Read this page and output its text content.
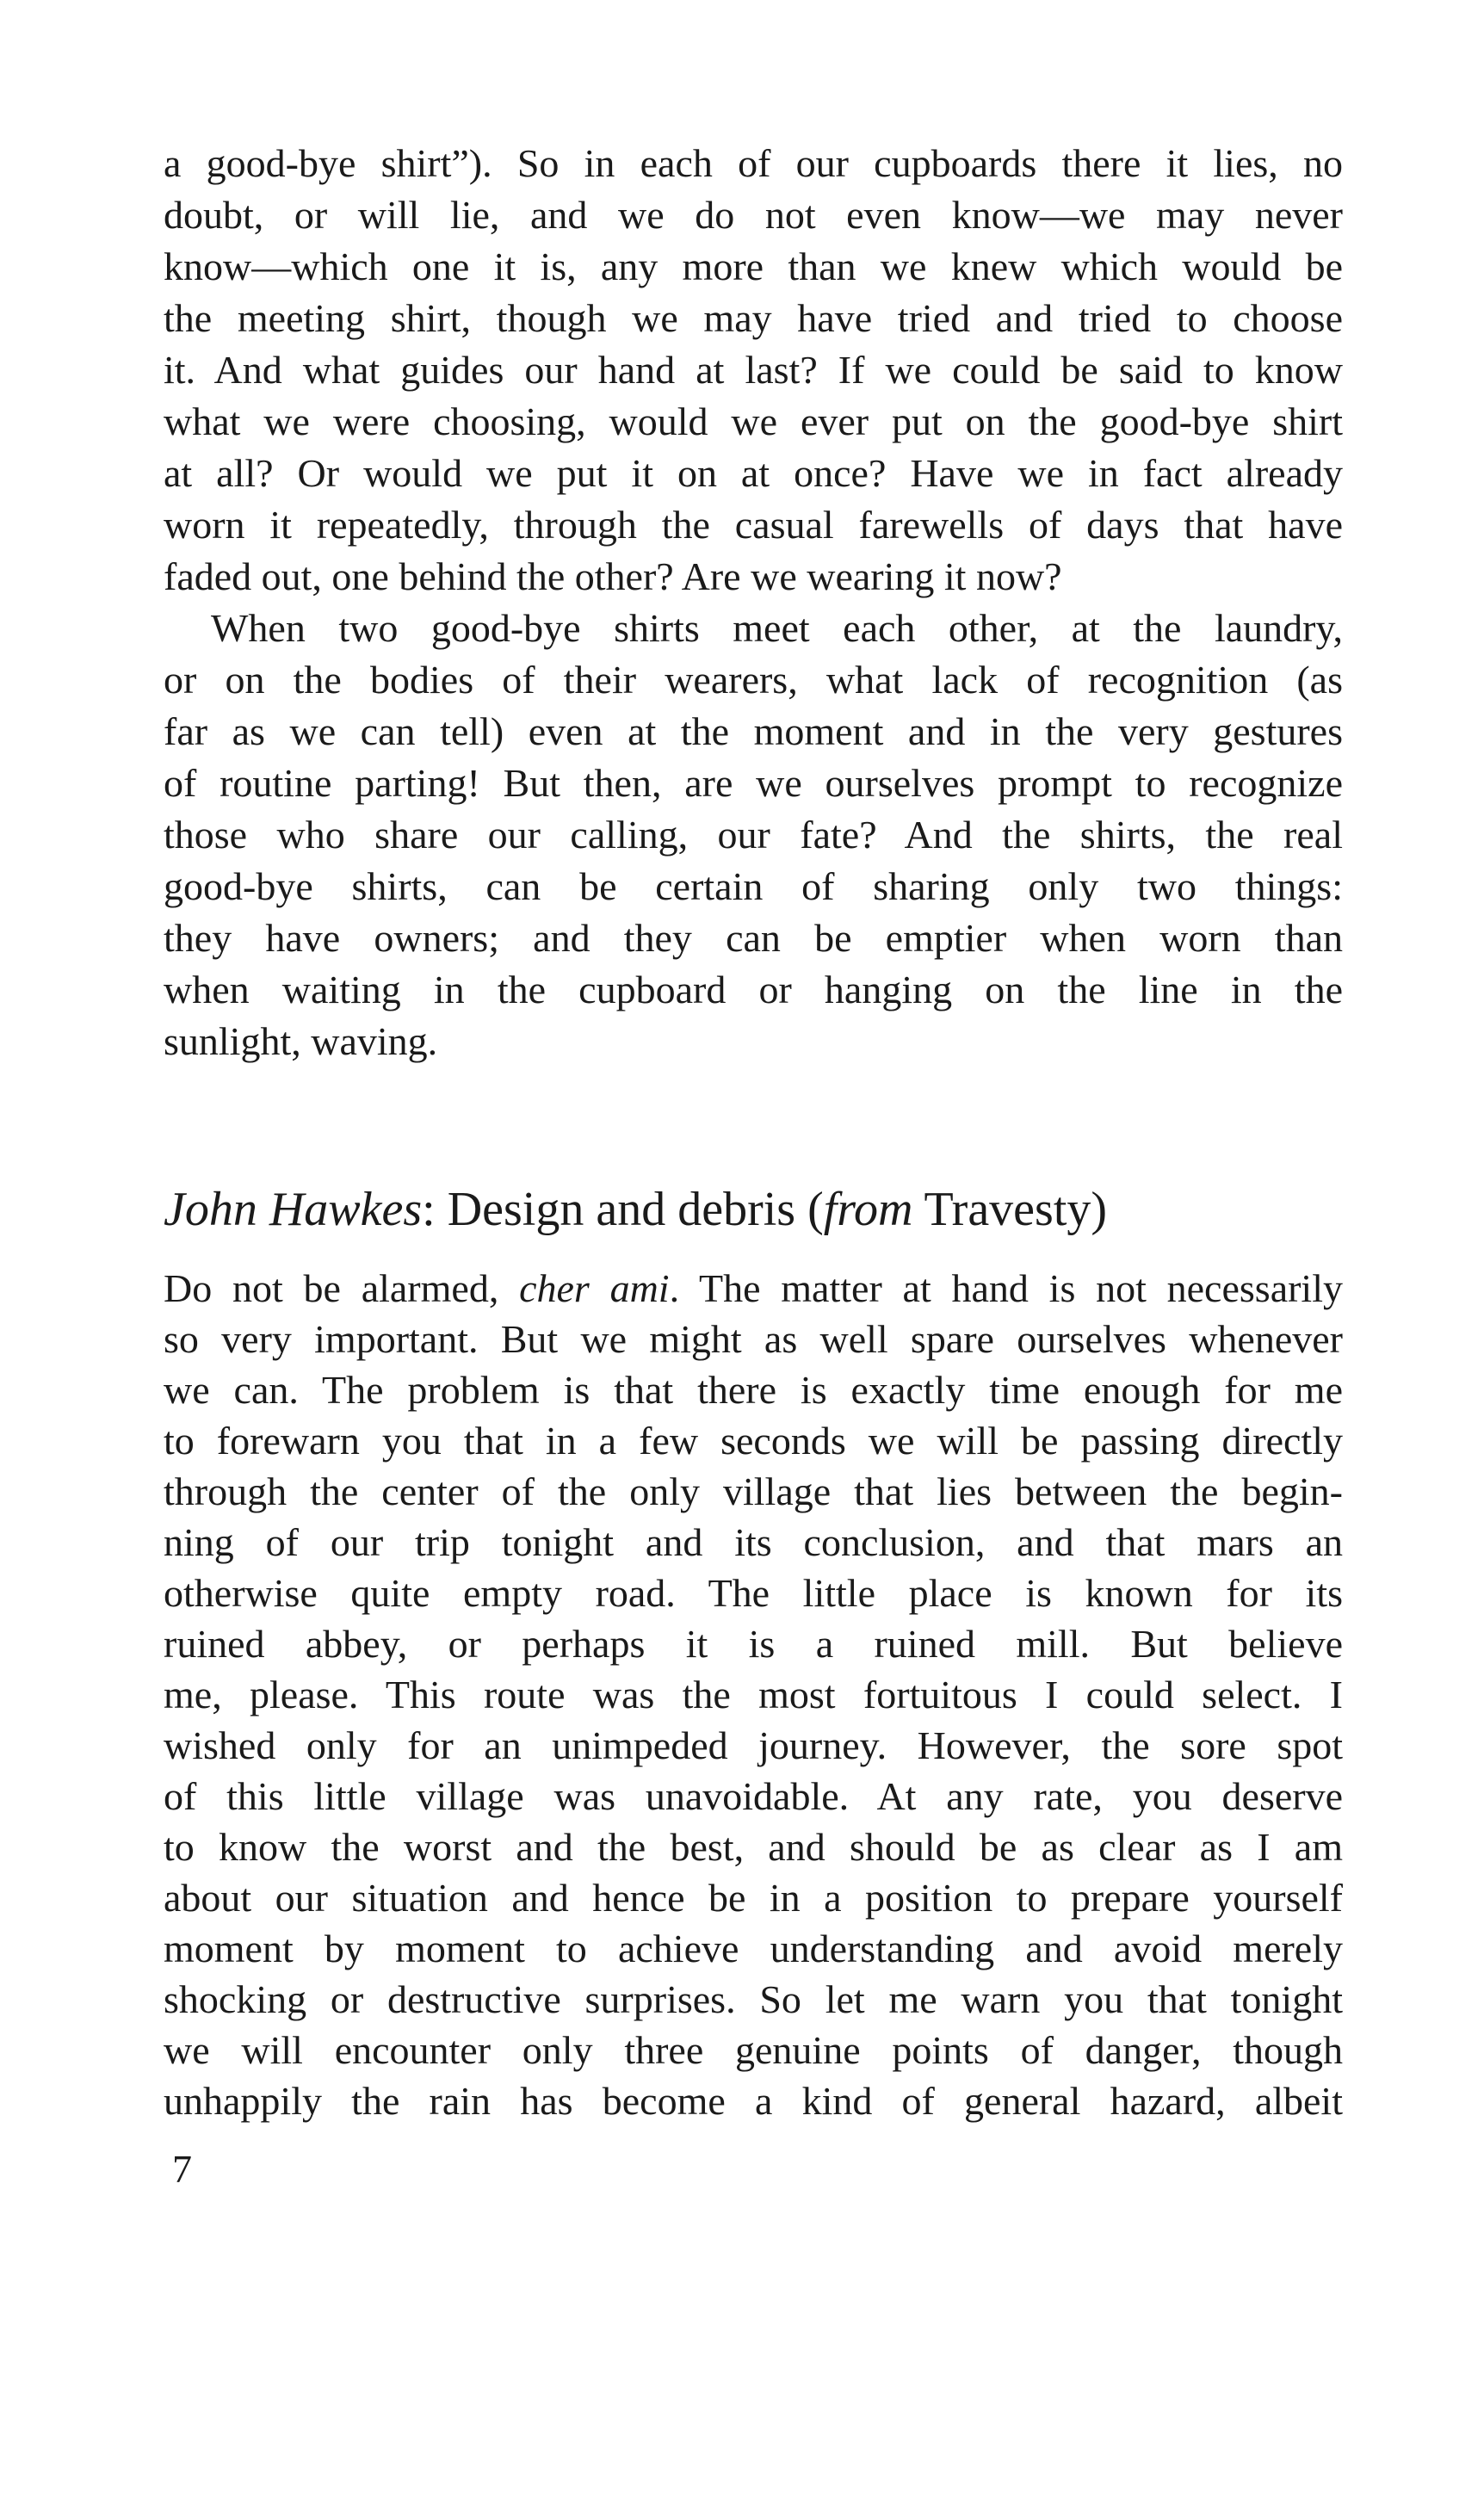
a good-bye shirt”). So in each of our cupboards there it lies, no
doubt, or will lie, and we do not even know—we may never
know—which one it is, any more than we knew which would be
the meeting shirt, though we may have tried and tried to choose
it. And what guides our hand at last? If we could be said to know
what we were choosing, would we ever put on the good-bye shirt
at all? Or would we put it on at once? Have we in fact already
worn it repeatedly, through the casual farewells of days that have
faded out, one behind the other? Are we wearing it now?
When two good-bye shirts meet each other, at the laundry,
or on the bodies of their wearers, what lack of recognition (as
far as we can tell) even at the moment and in the very gestures
of routine parting! But then, are we ourselves prompt to recognize
those who share our calling, our fate? And the shirts, the real
good-bye shirts, can be certain of sharing only two things:
they have owners; and they can be emptier when worn than
when waiting in the cupboard or hanging on the line in the
sunlight, waving.
John Hawkes: Design and debris (from Travesty)
Do not be alarmed, cher ami. The matter at hand is not necessarily
so very important. But we might as well spare ourselves whenever
we can. The problem is that there is exactly time enough for me
to forewarn you that in a few seconds we will be passing directly
through the center of the only village that lies between the begin-
ning of our trip tonight and its conclusion, and that mars an
otherwise quite empty road. The little place is known for its
ruined abbey, or perhaps it is a ruined mill. But believe
me, please. This route was the most fortuitous I could select. I
wished only for an unimpeded journey. However, the sore spot
of this little village was unavoidable. At any rate, you deserve
to know the worst and the best, and should be as clear as I am
about our situation and hence be in a position to prepare yourself
moment by moment to achieve understanding and avoid merely
shocking or destructive surprises. So let me warn you that tonight
we will encounter only three genuine points of danger, though
unhappily the rain has become a kind of general hazard, albeit
7
